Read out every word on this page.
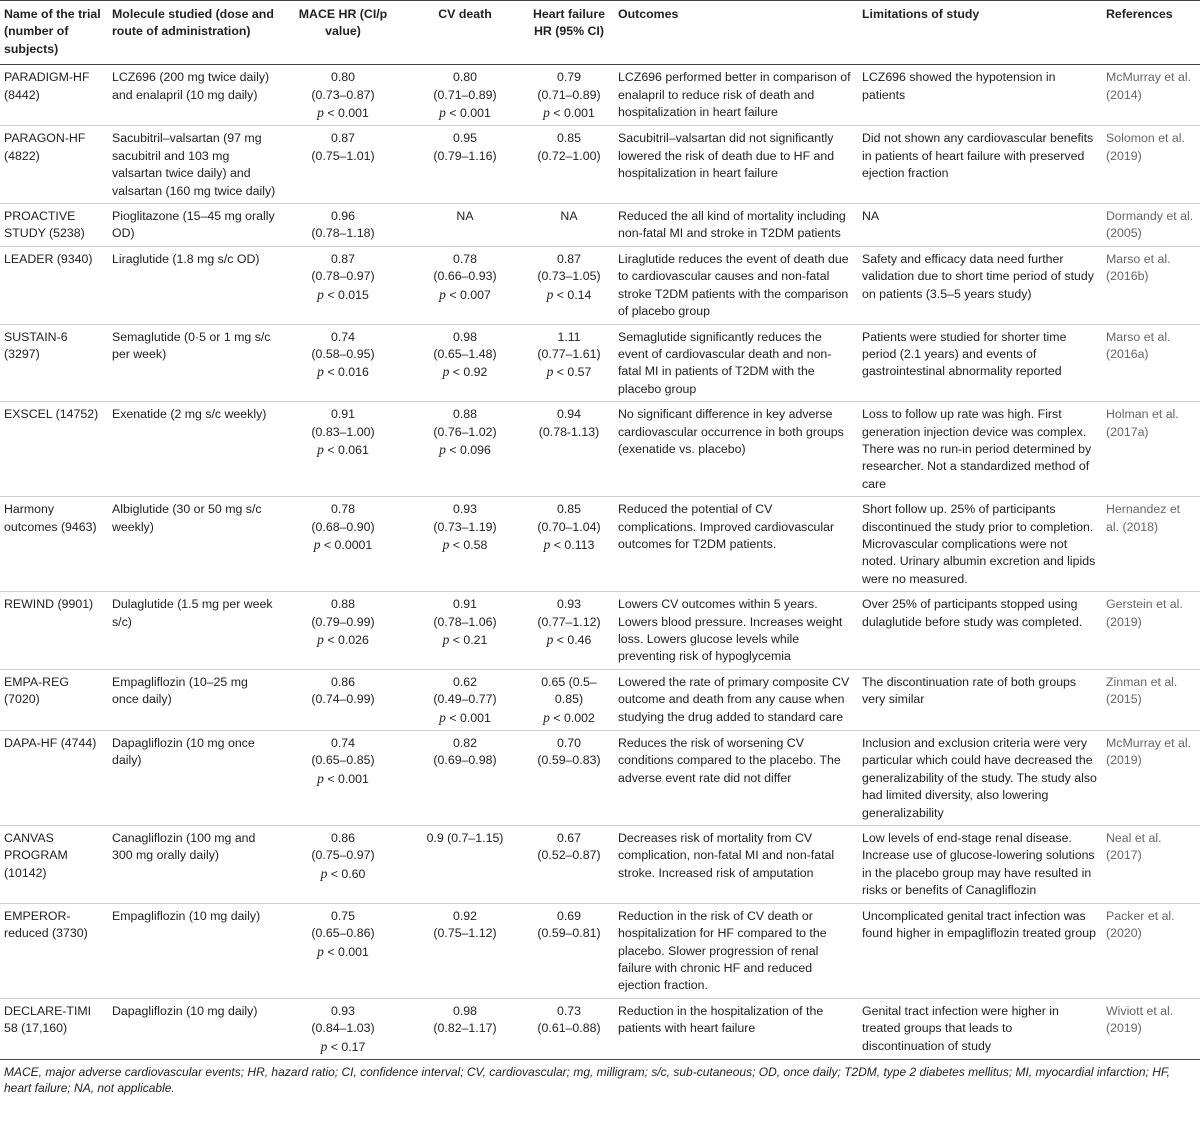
Name of the trial (number of subjects)	Molecule studied (dose and route of administration)	MACE HR (CI/p value)	CV death	Heart failure HR (95% CI)	Outcomes	Limitations of study	References
PARADIGM-HF (8442)	LCZ696 (200 mg twice daily) and enalapril (10 mg daily)	0.80
(0.73–0.87)
p < 0.001	0.80
(0.71–0.89)
p < 0.001	0.79
(0.71–0.89)
p < 0.001	LCZ696 performed better in comparison of enalapril to reduce risk of death and hospitalization in heart failure	LCZ696 showed the hypotension in patients	McMurray et al. (2014)
PARAGON-HF (4822)	Sacubitril–valsartan (97 mg sacubitril and 103 mg valsartan twice daily) and valsartan (160 mg twice daily)	0.87
(0.75–1.01)	0.95
(0.79–1.16)	0.85
(0.72–1.00)	Sacubitril–valsartan did not significantly lowered the risk of death due to HF and hospitalization in heart failure	Did not shown any cardiovascular benefits in patients of heart failure with preserved ejection fraction	Solomon et al. (2019)
PROACTIVE STUDY (5238)	Pioglitazone (15–45 mg orally OD)	0.96
(0.78–1.18)	NA	NA	Reduced the all kind of mortality including non-fatal MI and stroke in T2DM patients	NA	Dormandy et al. (2005)
LEADER (9340)	Liraglutide (1.8 mg s/c OD)	0.87
(0.78–0.97)
p < 0.015	0.78
(0.66–0.93)
p < 0.007	0.87
(0.73–1.05)
p < 0.14	Liraglutide reduces the event of death due to cardiovascular causes and non-fatal stroke T2DM patients with the comparison of placebo group	Safety and efficacy data need further validation due to short time period of study on patients (3.5–5 years study)	Marso et al. (2016b)
SUSTAIN-6 (3297)	Semaglutide (0·5 or 1 mg s/c per week)	0.74
(0.58–0.95)
p < 0.016	0.98
(0.65–1.48)
p < 0.92	1.11
(0.77–1.61)
p < 0.57	Semaglutide significantly reduces the event of cardiovascular death and non-fatal MI in patients of T2DM with the placebo group	Patients were studied for shorter time period (2.1 years) and events of gastrointestinal abnormality reported	Marso et al. (2016a)
EXSCEL (14752)	Exenatide (2 mg s/c weekly)	0.91
(0.83–1.00)
p < 0.061	0.88
(0.76–1.02)
p < 0.096	0.94
(0.78-1.13)	No significant difference in key adverse cardiovascular occurrence in both groups (exenatide vs. placebo)	Loss to follow up rate was high. First generation injection device was complex. There was no run-in period determined by researcher. Not a standardized method of care	Holman et al. (2017a)
Harmony outcomes (9463)	Albiglutide (30 or 50 mg s/c weekly)	0.78
(0.68–0.90)
p < 0.0001	0.93
(0.73–1.19)
p < 0.58	0.85
(0.70–1.04)
p < 0.113	Reduced the potential of CV complications. Improved cardiovascular outcomes for T2DM patients.	Short follow up. 25% of participants discontinued the study prior to completion. Microvascular complications were not noted. Urinary albumin excretion and lipids were no measured.	Hernandez et al. (2018)
REWIND (9901)	Dulaglutide (1.5 mg per week s/c)	0.88
(0.79–0.99)
p < 0.026	0.91
(0.78–1.06)
p < 0.21	0.93
(0.77–1.12)
p < 0.46	Lowers CV outcomes within 5 years. Lowers blood pressure. Increases weight loss. Lowers glucose levels while preventing risk of hypoglycemia	Over 25% of participants stopped using dulaglutide before study was completed.	Gerstein et al. (2019)
EMPA-REG (7020)	Empagliflozin (10–25 mg once daily)	0.86
(0.74–0.99)	0.62
(0.49–0.77)
p < 0.001	0.65 (0.5–0.85)
p < 0.002	Lowered the rate of primary composite CV outcome and death from any cause when studying the drug added to standard care	The discontinuation rate of both groups very similar	Zinman et al. (2015)
DAPA-HF (4744)	Dapagliflozin (10 mg once daily)	0.74
(0.65–0.85)
p < 0.001	0.82
(0.69–0.98)	0.70
(0.59–0.83)	Reduces the risk of worsening CV conditions compared to the placebo. The adverse event rate did not differ	Inclusion and exclusion criteria were very particular which could have decreased the generalizability of the study. The study also had limited diversity, also lowering generalizability	McMurray et al. (2019)
CANVAS PROGRAM (10142)	Canagliflozin (100 mg and 300 mg orally daily)	0.86
(0.75–0.97)
p < 0.60	0.9 (0.7–1.15)	0.67
(0.52–0.87)	Decreases risk of mortality from CV complication, non-fatal MI and non-fatal stroke. Increased risk of amputation	Low levels of end-stage renal disease. Increase use of glucose-lowering solutions in the placebo group may have resulted in risks or benefits of Canagliflozin	Neal et al. (2017)
EMPEROR-reduced (3730)	Empagliflozin (10 mg daily)	0.75
(0.65–0.86)
p < 0.001	0.92
(0.75–1.12)	0.69
(0.59–0.81)	Reduction in the risk of CV death or hospitalization for HF compared to the placebo. Slower progression of renal failure with chronic HF and reduced ejection fraction.	Uncomplicated genital tract infection was found higher in empagliflozin treated group	Packer et al. (2020)
DECLARE-TIMI 58 (17,160)	Dapagliflozin (10 mg daily)	0.93
(0.84–1.03)
p < 0.17	0.98
(0.82–1.17)	0.73
(0.61–0.88)	Reduction in the hospitalization of the patients with heart failure	Genital tract infection were higher in treated groups that leads to discontinuation of study	Wiviott et al. (2019)
MACE, major adverse cardiovascular events; HR, hazard ratio; CI, confidence interval; CV, cardiovascular; mg, milligram; s/c, sub-cutaneous; OD, once daily; T2DM, type 2 diabetes mellitus; MI, myocardial infarction; HF, heart failure; NA, not applicable.
